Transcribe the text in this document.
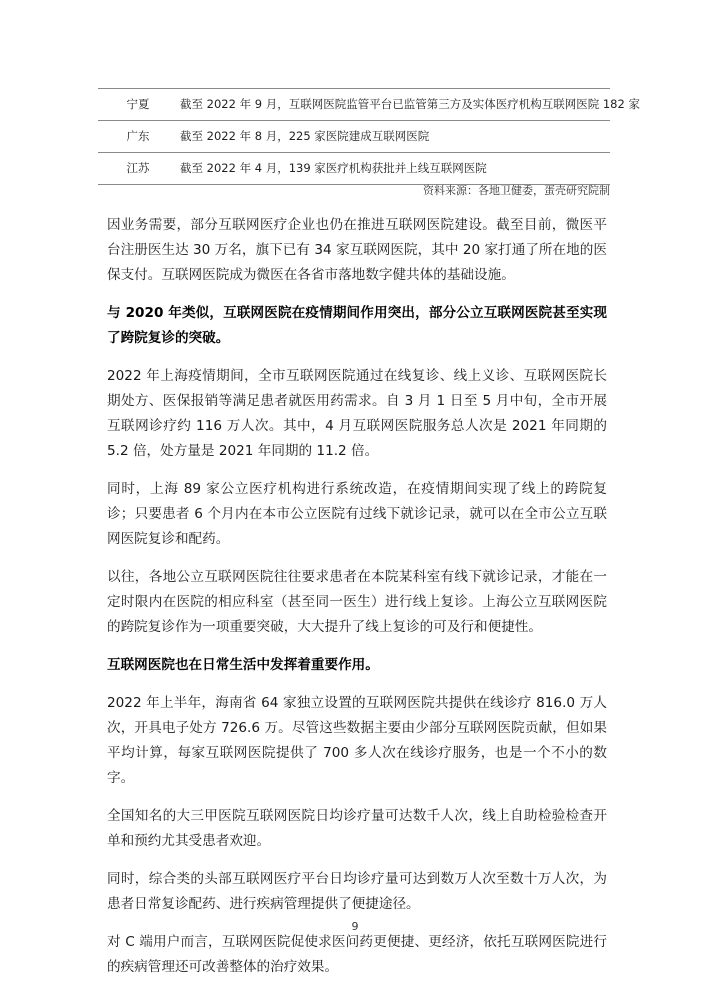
宁夏	截至 2022 年 9 月，互联网医院监管平台已监管第三方及实体医疗机构互联网医院 182 家
广东	截至 2022 年 8 月，225 家医院建成互联网医院
江苏	截至 2022 年 4 月，139 家医疗机构获批并上线互联网医院
资料来源：各地卫健委，蛋壳研究院制

因业务需要，部分互联网医疗企业也仍在推进互联网医院建设。截至目前，微医平台注册医生达 30 万名，旗下已有 34 家互联网医院，其中 20 家打通了所在地的医保支付。互联网医院成为微医在各省市落地数字健共体的基础设施。

与 2020 年类似，互联网医院在疫情期间作用突出，部分公立互联网医院甚至实现了跨院复诊的突破。

2022 年上海疫情期间，全市互联网医院通过在线复诊、线上义诊、互联网医院长期处方、医保报销等满足患者就医用药需求。自 3 月 1 日至 5 月中旬，全市开展互联网诊疗约 116 万人次。其中，4 月互联网医院服务总人次是 2021 年同期的 5.2 倍，处方量是 2021 年同期的 11.2 倍。

同时，上海 89 家公立医疗机构进行系统改造，在疫情期间实现了线上的跨院复诊；只要患者 6 个月内在本市公立医院有过线下就诊记录，就可以在全市公立互联网医院复诊和配药。

以往，各地公立互联网医院往往要求患者在本院某科室有线下就诊记录，才能在一定时限内在医院的相应科室（甚至同一医生）进行线上复诊。上海公立互联网医院的跨院复诊作为一项重要突破，大大提升了线上复诊的可及行和便捷性。

互联网医院也在日常生活中发挥着重要作用。

2022 年上半年，海南省 64 家独立设置的互联网医院共提供在线诊疗 816.0 万人次，开具电子处方 726.6 万。尽管这些数据主要由少部分互联网医院贡献，但如果平均计算，每家互联网医院提供了 700 多人次在线诊疗服务，也是一个不小的数字。

全国知名的大三甲医院互联网医院日均诊疗量可达数千人次，线上自助检验检查开单和预约尤其受患者欢迎。

同时，综合类的头部互联网医疗平台日均诊疗量可达到数万人次至数十万人次，为患者日常复诊配药、进行疾病管理提供了便捷途径。

对 C 端用户而言，互联网医院促使求医问药更便捷、更经济，依托互联网医院进行的疾病管理还可改善整体的治疗效果。

9
